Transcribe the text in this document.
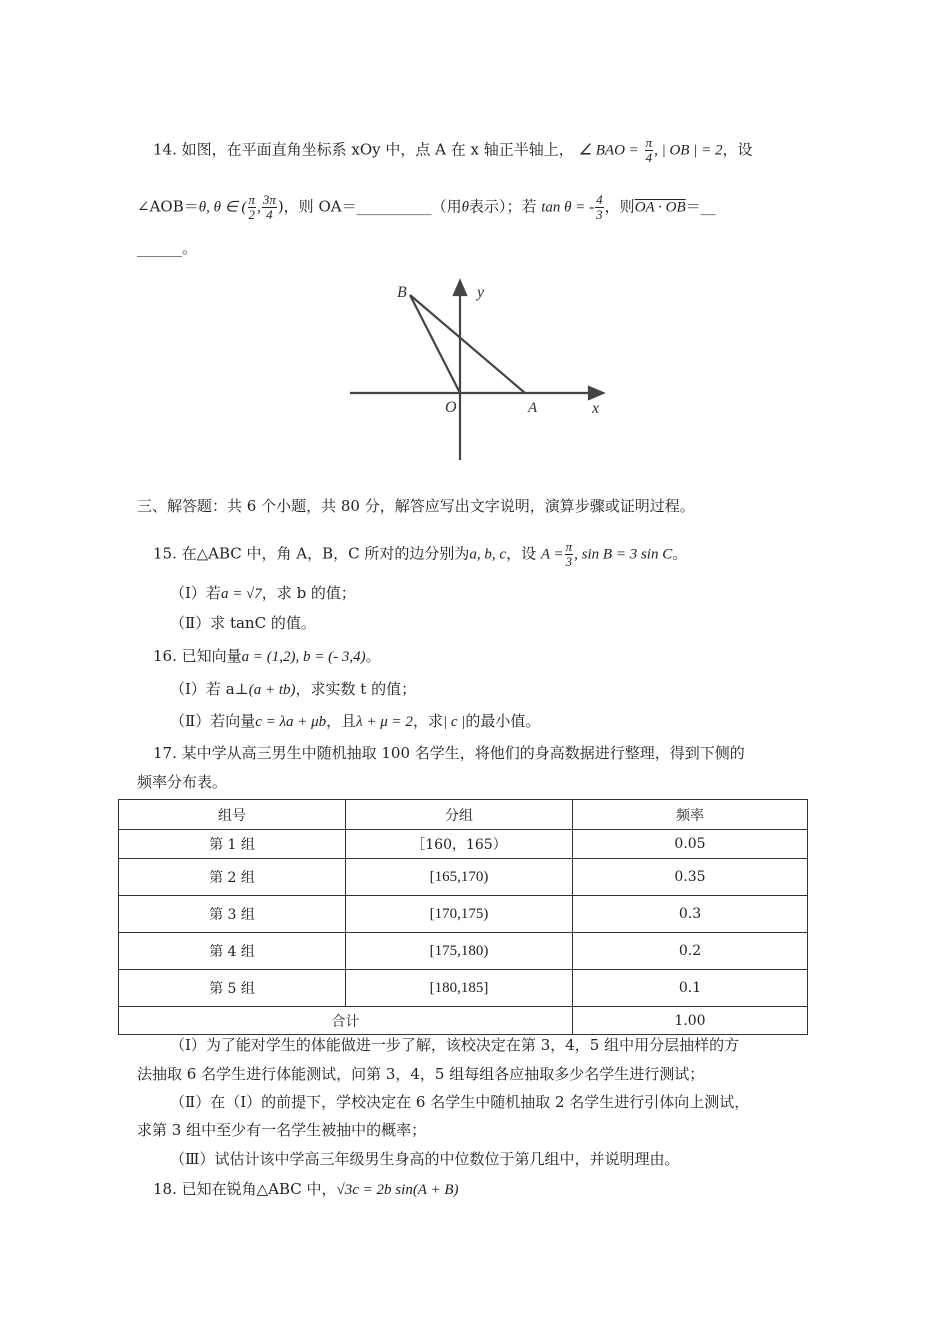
14. 如图，在平面直角坐标系 xOy 中，点 A 在 x 轴正半轴上， ∠ BAO = $\frac{\pi}{4}$ , | OB | = 2，设
∠AOB＝θ, θ ∈ ( $\frac{\pi}{2}$ , $\frac{3\pi}{4}$ )，则 OA＝__________（用θ表示）；若 tan θ = - $\frac{4}{3}$ ，则OA · OB＝__
______。
B	y
O	A	x
三、解答题：共 6 个小题，共 80 分，解答应写出文字说明，演算步骤或证明过程。
15. 在△ABC 中，角 A，B，C 所对的边分别为a, b, c，设 $A = \frac{\pi}{3}$ , sin B = 3 sin C。
（Ⅰ）若a = √7，求 b 的值；
（Ⅱ）求 tanC 的值。
16. 已知向量a = (1,2), b = (- 3,4)。
（Ⅰ）若 a⊥(a + tb)，求实数 t 的值；
（Ⅱ）若向量c = λa + μb，且λ + μ = 2，求| c |的最小值。
17. 某中学从高三男生中随机抽取 100 名学生，将他们的身高数据进行整理，得到下侧的
频率分布表。
组号	分组	频率
第 1 组	［160，165）	0.05
第 2 组	[165,170)	0.35
第 3 组	[170,175)	0.3
第 4 组	[175,180)	0.2
第 5 组	[180,185]	0.1
合计		1.00
（Ⅰ）为了能对学生的体能做进一步了解，该校决定在第 3，4，5 组中用分层抽样的方
法抽取 6 名学生进行体能测试，问第 3，4，5 组每组各应抽取多少名学生进行测试；
（Ⅱ）在（Ⅰ）的前提下，学校决定在 6 名学生中随机抽取 2 名学生进行引体向上测试，
求第 3 组中至少有一名学生被抽中的概率；
（Ⅲ）试估计该中学高三年级男生身高的中位数位于第几组中，并说明理由。
18. 已知在锐角△ABC 中，√3c = 2b sin(A + B)
